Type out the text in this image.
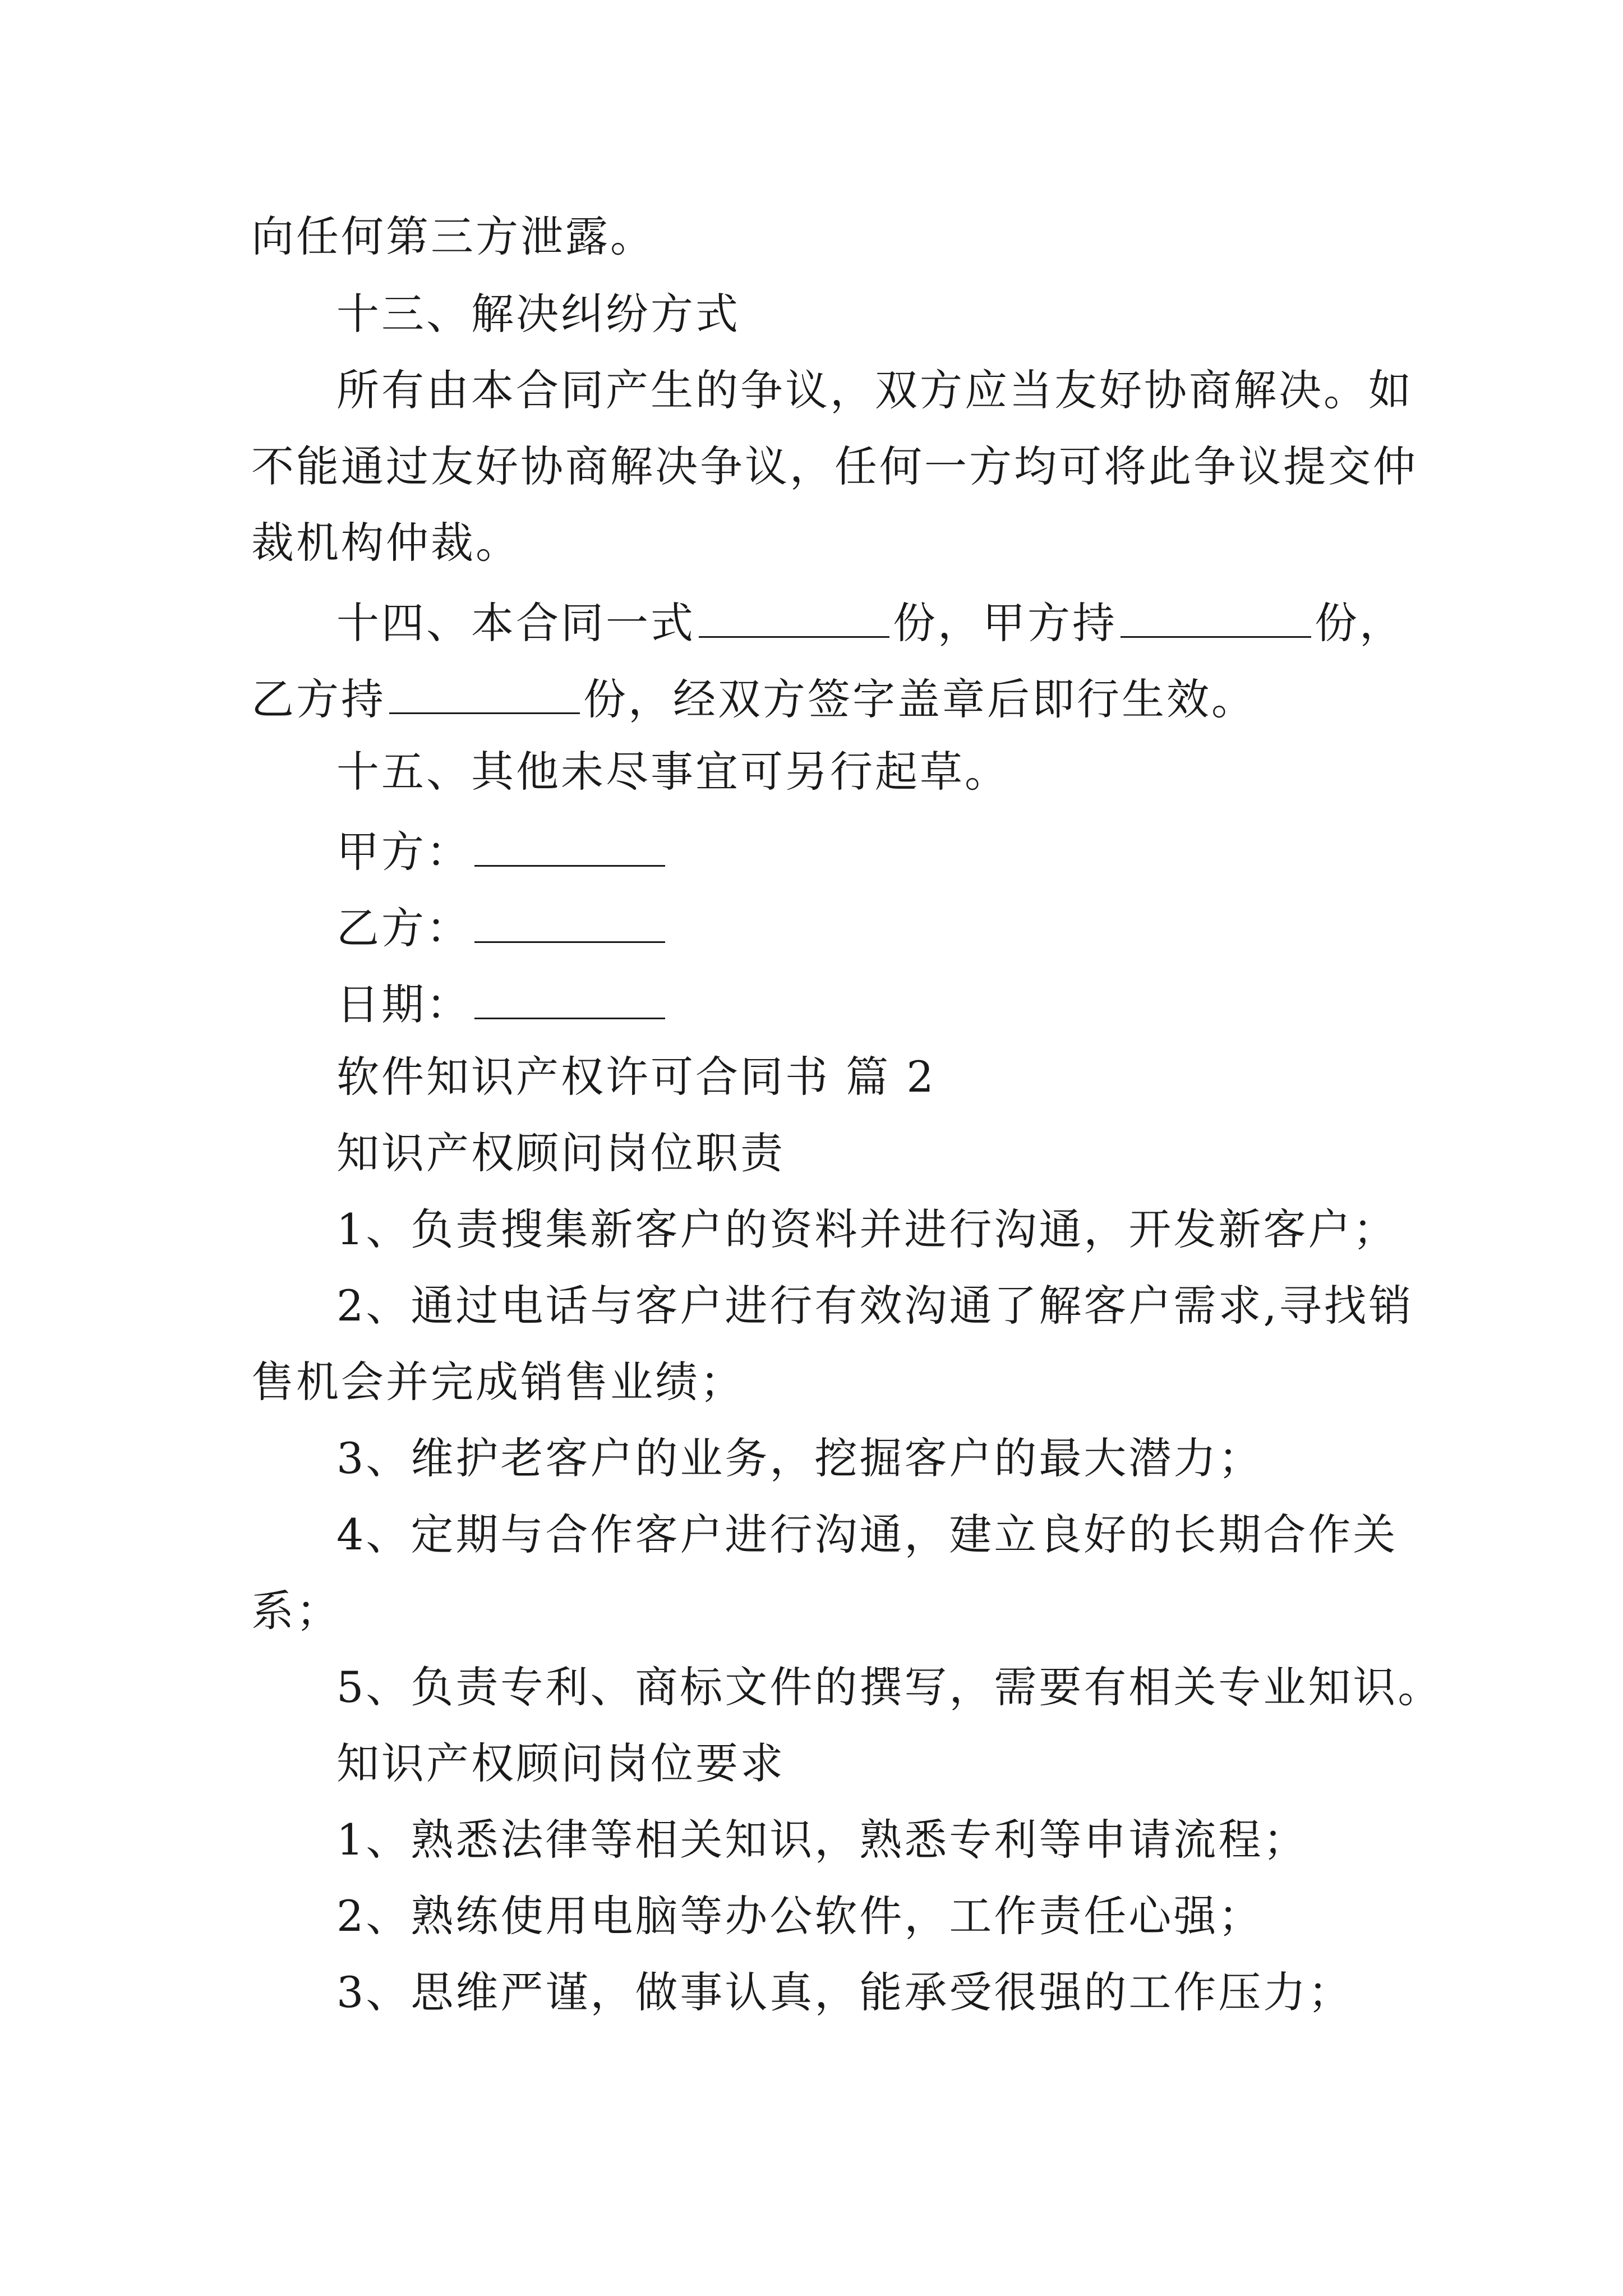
向任何第三方泄露。
十三、解决纠纷方式
所有由本合同产生的争议，双方应当友好协商解决。如
不能通过友好协商解决争议，任何一方均可将此争议提交仲
裁机构仲裁。
十四、本合同一式	份，甲方持	份，
乙方持	份，经双方签字盖章后即行生效。
十五、其他未尽事宜可另行起草。
甲方：
乙方：
日期：
软件知识产权许可合同书 篇 2
知识产权顾问岗位职责
1、负责搜集新客户的资料并进行沟通，开发新客户；
2、通过电话与客户进行有效沟通了解客户需求,寻找销
售机会并完成销售业绩；
3、维护老客户的业务，挖掘客户的最大潜力；
4、定期与合作客户进行沟通，建立良好的长期合作关
系；
5、负责专利、商标文件的撰写，需要有相关专业知识。
知识产权顾问岗位要求
1、熟悉法律等相关知识，熟悉专利等申请流程；
2、熟练使用电脑等办公软件，工作责任心强；
3、思维严谨，做事认真，能承受很强的工作压力；
